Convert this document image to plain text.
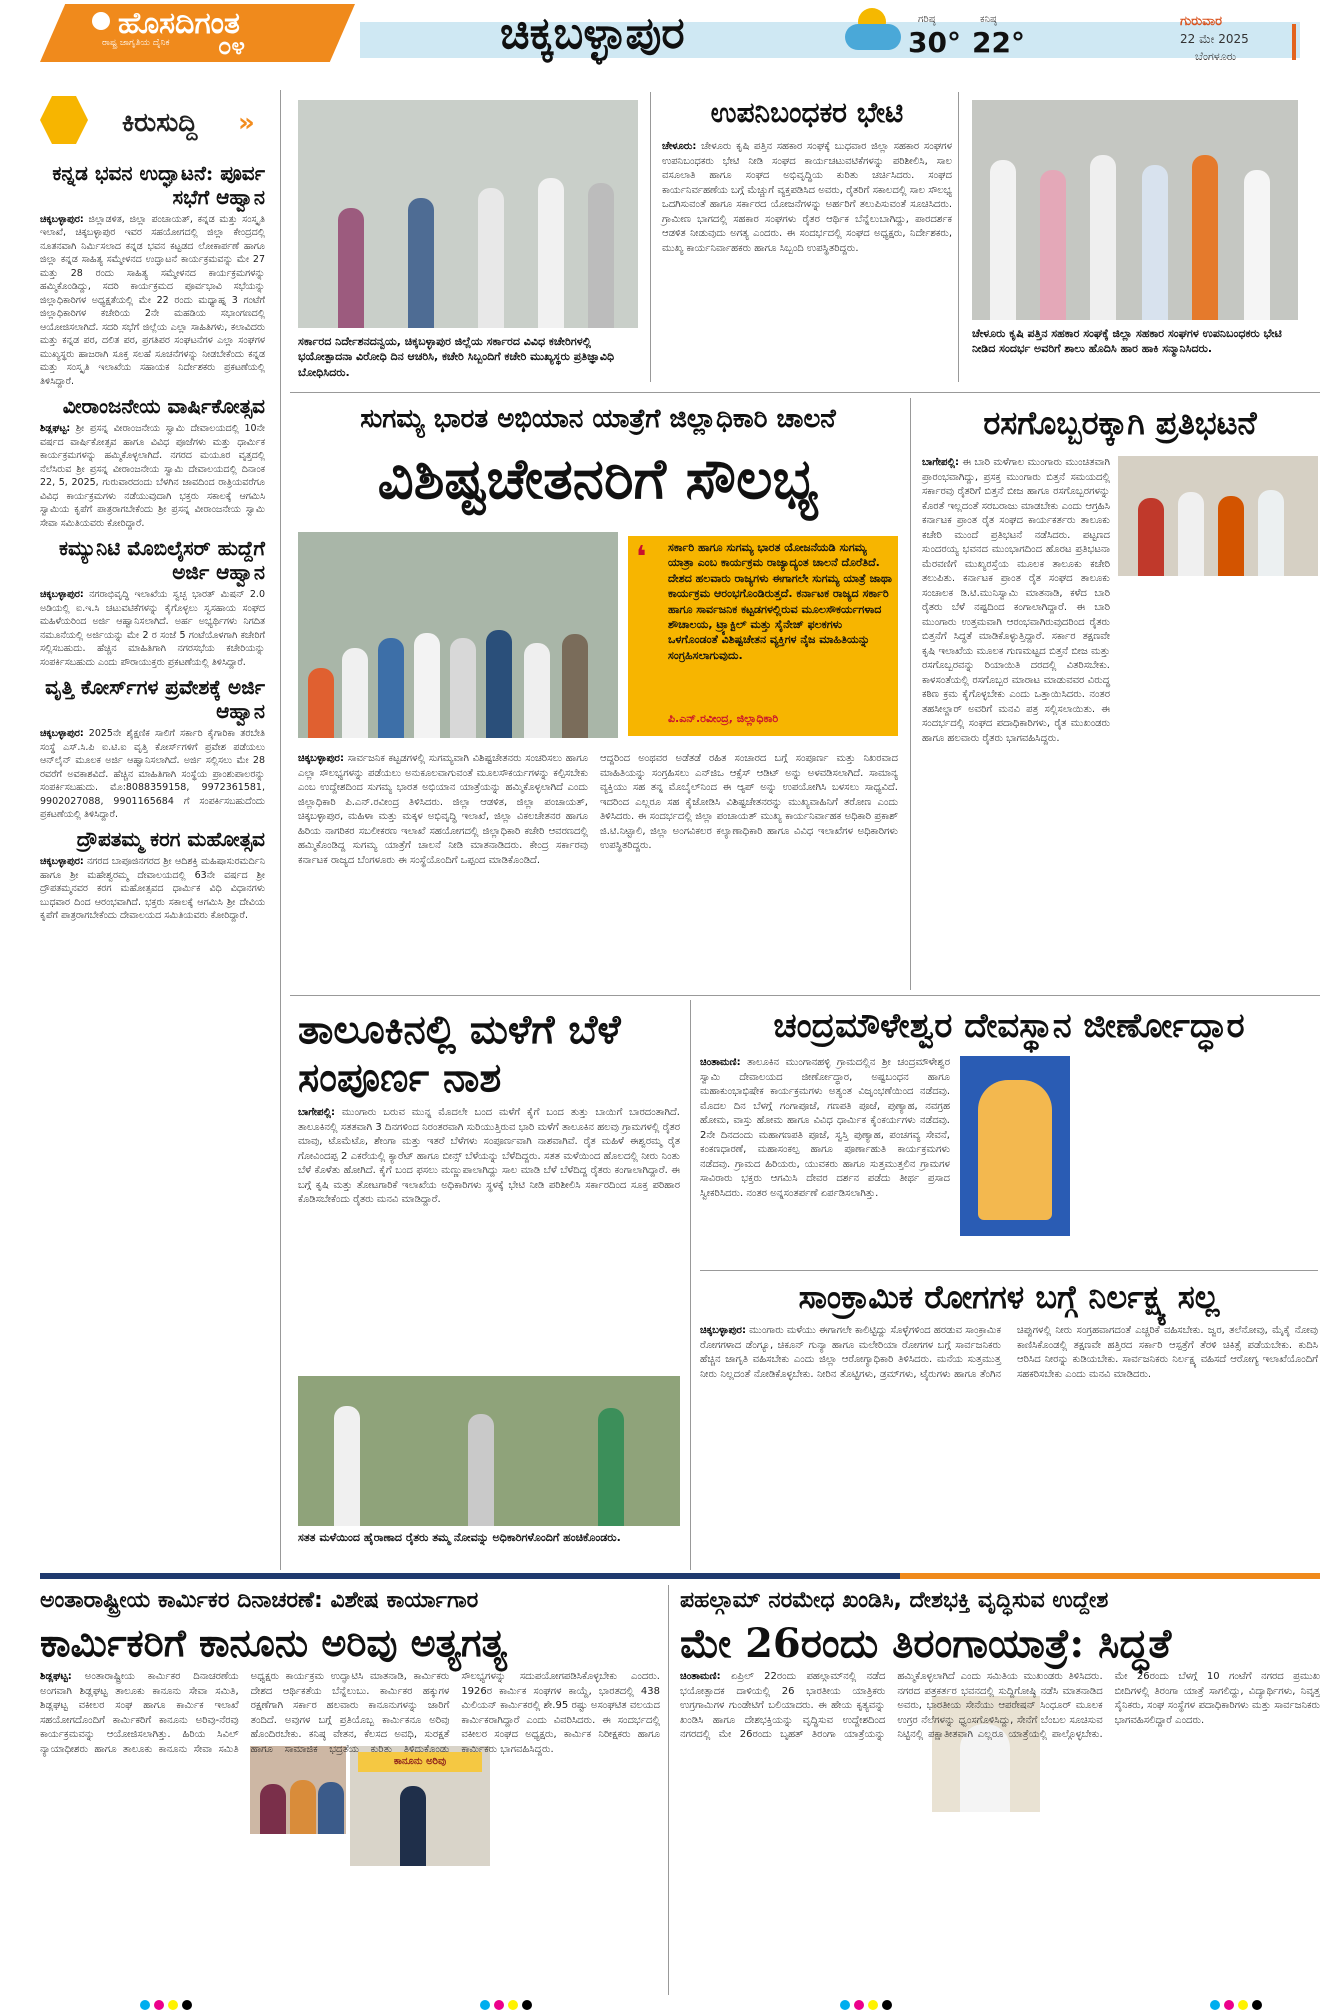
ಹೊಸದಿಗಂತ
ರಾಷ್ಟ್ರ ಜಾಗೃತಿಯ ದೈನಿಕ ೦೪	ಚಿಕ್ಕಬಳ್ಳಾಪುರ	ಗರಿಷ್ಠ
30°
ಕನಿಷ್ಠ
22°
ಗುರುವಾರ
22 ಮೇ 2025
ಬೆಂಗಳೂರು
ಕಿರುಸುದ್ದಿ »
ಕನ್ನಡ ಭವನ ಉದ್ಘಾಟನೆ: ಪೂರ್ವ ಸಭೆಗೆ ಆಹ್ವಾನ
ಚಿಕ್ಕಬಳ್ಳಾಪುರ: ಜಿಲ್ಲಾಡಳಿತ, ಜಿಲ್ಲಾ ಪಂಚಾಯತ್, ಕನ್ನಡ ಮತ್ತು ಸಂಸ್ಕೃತಿ ಇಲಾಖೆ, ಚಿಕ್ಕಬಳ್ಳಾಪುರ ಇವರ ಸಹಯೋಗದಲ್ಲಿ ಜಿಲ್ಲಾ ಕೇಂದ್ರದಲ್ಲಿ ನೂತನವಾಗಿ ನಿರ್ಮಿಸಲಾದ ಕನ್ನಡ ಭವನ ಕಟ್ಟಡದ ಲೋಕಾರ್ಪಣೆ ಹಾಗೂ ಜಿಲ್ಲಾ ಕನ್ನಡ ಸಾಹಿತ್ಯ ಸಮ್ಮೇಳನದ ಉದ್ಘಾಟನೆ ಕಾರ್ಯಕ್ರಮವನ್ನು ಮೇ 27 ಮತ್ತು 28 ರಂದು ಸಾಹಿತ್ಯ ಸಮ್ಮೇಳನದ ಕಾರ್ಯಕ್ರಮಗಳನ್ನು ಹಮ್ಮಿಕೊಂಡಿದ್ದು, ಸದರಿ ಕಾರ್ಯಕ್ರಮದ ಪೂರ್ವಭಾವಿ ಸಭೆಯನ್ನು ಜಿಲ್ಲಾಧಿಕಾರಿಗಳ ಅಧ್ಯಕ್ಷತೆಯಲ್ಲಿ ಮೇ 22 ರಂದು ಮಧ್ಯಾಹ್ನ 3 ಗಂಟೆಗೆ ಜಿಲ್ಲಾಧಿಕಾರಿಗಳ ಕಚೇರಿಯ 2ನೇ ಮಹಡಿಯ ಸಭಾಂಗಣದಲ್ಲಿ ಆಯೋಜಿಸಲಾಗಿದೆ. ಸದರಿ ಸಭೆಗೆ ಜಿಲ್ಲೆಯ ಎಲ್ಲಾ ಸಾಹಿತಿಗಳು, ಕಲಾವಿದರು ಮತ್ತು ಕನ್ನಡ ಪರ, ದಲಿತ ಪರ, ಪ್ರಗತಿಪರ ಸಂಘಟನೆಗಳ ಎಲ್ಲಾ ಸಂಘಗಳ ಮುಖ್ಯಸ್ಥರು ಹಾಜರಾಗಿ ಸೂಕ್ತ ಸಲಹೆ ಸೂಚನೆಗಳನ್ನು ನೀಡಬೇಕೆಂದು ಕನ್ನಡ ಮತ್ತು ಸಂಸ್ಕೃತಿ ಇಲಾಖೆಯ ಸಹಾಯಕ ನಿರ್ದೇಶಕರು ಪ್ರಕಟಣೆಯಲ್ಲಿ ತಿಳಿಸಿದ್ದಾರೆ.
ವೀರಾಂಜನೇಯ ವಾರ್ಷಿಕೋತ್ಸವ
ಶಿಡ್ಲಘಟ್ಟ: ಶ್ರೀ ಪ್ರಸನ್ನ ವೀರಾಂಜನೇಯ ಸ್ವಾಮಿ ದೇವಾಲಯದಲ್ಲಿ 10ನೇ ವರ್ಷದ ವಾರ್ಷಿಕೋತ್ಸವ ಹಾಗೂ ವಿವಿಧ ಪೂಜೆಗಳು ಮತ್ತು ಧಾರ್ಮಿಕ ಕಾರ್ಯಕ್ರಮಗಳನ್ನು ಹಮ್ಮಿಕೊಳ್ಳಲಾಗಿದೆ. ನಗರದ ಮಯೂರ ವೃತ್ತದಲ್ಲಿ ನೆಲೆಸಿರುವ ಶ್ರೀ ಪ್ರಸನ್ನ ವೀರಾಂಜನೇಯ ಸ್ವಾಮಿ ದೇವಾಲಯದಲ್ಲಿ ದಿನಾಂಕ 22, 5, 2025, ಗುರುವಾರದಂದು ಬೆಳಗಿನ ಜಾವದಿಂದ ರಾತ್ರಿಯವರೆಗೂ ವಿವಿಧ ಕಾರ್ಯಕ್ರಮಗಳು ನಡೆಯುವುದಾಗಿ ಭಕ್ತರು ಸಕಾಲಕ್ಕೆ ಆಗಮಿಸಿ ಸ್ವಾಮಿಯ ಕೃಪೆಗೆ ಪಾತ್ರರಾಗಬೇಕೆಂದು ಶ್ರೀ ಪ್ರಸನ್ನ ವೀರಾಂಜನೇಯ ಸ್ವಾಮಿ ಸೇವಾ ಸಮಿತಿಯವರು ಕೋರಿದ್ದಾರೆ.
ಕಮ್ಯುನಿಟಿ ಮೊಬಿಲೈಸರ್ ಹುದ್ದೆಗೆ ಅರ್ಜಿ ಆಹ್ವಾನ
ಚಿಕ್ಕಬಳ್ಳಾಪುರ: ನಗರಾಭಿವೃದ್ಧಿ ಇಲಾಖೆಯ ಸ್ವಚ್ಛ ಭಾರತ್ ಮಿಷನ್ 2.0 ಅಡಿಯಲ್ಲಿ ಐ.ಇ.ಸಿ ಚಟುವಟಿಕೆಗಳನ್ನು ಕೈಗೊಳ್ಳಲು ಸ್ವಸಹಾಯ ಸಂಘದ ಮಹಿಳೆಯರಿಂದ ಅರ್ಜಿ ಆಹ್ವಾನಿಸಲಾಗಿದೆ. ಅರ್ಹ ಅಭ್ಯರ್ಥಿಗಳು ನಿಗದಿತ ನಮೂನೆಯಲ್ಲಿ ಅರ್ಜಿಯನ್ನು ಮೇ 2 ರ ಸಂಜೆ 5 ಗಂಟೆಯೊಳಗಾಗಿ ಕಚೇರಿಗೆ ಸಲ್ಲಿಸಬಹುದು. ಹೆಚ್ಚಿನ ಮಾಹಿತಿಗಾಗಿ ನಗರಸಭೆಯ ಕಚೇರಿಯನ್ನು ಸಂಪರ್ಕಿಸಬಹುದು ಎಂದು ಪೌರಾಯುಕ್ತರು ಪ್ರಕಟಣೆಯಲ್ಲಿ ತಿಳಿಸಿದ್ದಾರೆ.
ವೃತ್ತಿ ಕೋರ್ಸ್‌ಗಳ ಪ್ರವೇಶಕ್ಕೆ ಅರ್ಜಿ ಆಹ್ವಾನ
ಚಿಕ್ಕಬಳ್ಳಾಪುರ: 2025ನೇ ಶೈಕ್ಷಣಿಕ ಸಾಲಿಗೆ ಸರ್ಕಾರಿ ಕೈಗಾರಿಕಾ ತರಬೇತಿ ಸಂಸ್ಥೆ ಎಸ್.ಸಿ.ಪಿ ಐ.ಟಿ.ಐ ವೃತ್ತಿ ಕೋರ್ಸ್‌ಗಳಿಗೆ ಪ್ರವೇಶ ಪಡೆಯಲು ಆನ್‌ಲೈನ್ ಮೂಲಕ ಅರ್ಜಿ ಆಹ್ವಾನಿಸಲಾಗಿದೆ. ಅರ್ಜಿ ಸಲ್ಲಿಸಲು ಮೇ 28 ರವರೆಗೆ ಅವಕಾಶವಿದೆ. ಹೆಚ್ಚಿನ ಮಾಹಿತಿಗಾಗಿ ಸಂಸ್ಥೆಯ ಪ್ರಾಂಶುಪಾಲರನ್ನು ಸಂಪರ್ಕಿಸಬಹುದು. ಮೊ:8088359158, 9972361581, 9902027088, 9901165684 ಗೆ ಸಂಪರ್ಕಿಸಬಹುದೆಂದು ಪ್ರಕಟಣೆಯಲ್ಲಿ ತಿಳಿಸಿದ್ದಾರೆ.
ದ್ರೌಪತಮ್ಮ ಕರಗ ಮಹೋತ್ಸವ
ಚಿಕ್ಕಬಳ್ಳಾಪುರ: ನಗರದ ಬಾಪೂಜಿನಗರದ ಶ್ರೀ ಆದಿಶಕ್ತಿ ಮಹಿಷಾಸುರಮರ್ದಿನಿ ಹಾಗೂ ಶ್ರೀ ಮಹೇಶ್ವರಮ್ಮ ದೇವಾಲಯದಲ್ಲಿ 63ನೇ ವರ್ಷದ ಶ್ರೀ ದ್ರೌಪತಮ್ಮನವರ ಕರಗ ಮಹೋತ್ಸವದ ಧಾರ್ಮಿಕ ವಿಧಿ ವಿಧಾನಗಳು ಬುಧವಾರ ದಿಂದ ಆರಂಭವಾಗಿದೆ. ಭಕ್ತರು ಸಕಾಲಕ್ಕೆ ಆಗಮಿಸಿ ಶ್ರೀ ದೇವಿಯ ಕೃಪೆಗೆ ಪಾತ್ರರಾಗಬೇಕೆಂದು ದೇವಾಲಯದ ಸಮಿತಿಯವರು ಕೋರಿದ್ದಾರೆ.
ಸರ್ಕಾರದ ನಿರ್ದೇಶನದನ್ವಯ, ಚಿಕ್ಕಬಳ್ಳಾಪುರ ಜಿಲ್ಲೆಯ ಸರ್ಕಾರದ ವಿವಿಧ ಕಚೇರಿಗಳಲ್ಲಿ ಭಯೋತ್ಪಾದನಾ ವಿರೋಧಿ ದಿನ ಆಚರಿಸಿ, ಕಚೇರಿ ಸಿಬ್ಬಂದಿಗೆ ಕಚೇರಿ ಮುಖ್ಯಸ್ಥರು ಪ್ರತಿಜ್ಞಾವಿಧಿ ಬೋಧಿಸಿದರು.
ಉಪನಿಬಂಧಕರ ಭೇಟಿ
ಚೇಳೂರು: ಚೇಳೂರು ಕೃಷಿ ಪತ್ತಿನ ಸಹಕಾರ ಸಂಘಕ್ಕೆ ಬುಧವಾರ ಜಿಲ್ಲಾ ಸಹಕಾರ ಸಂಘಗಳ ಉಪನಿಬಂಧಕರು ಭೇಟಿ ನೀಡಿ ಸಂಘದ ಕಾರ್ಯಚಟುವಟಿಕೆಗಳನ್ನು ಪರಿಶೀಲಿಸಿ, ಸಾಲ ವಸೂಲಾತಿ ಹಾಗೂ ಸಂಘದ ಅಭಿವೃದ್ಧಿಯ ಕುರಿತು ಚರ್ಚಿಸಿದರು. ಸಂಘದ ಕಾರ್ಯನಿರ್ವಹಣೆಯ ಬಗ್ಗೆ ಮೆಚ್ಚುಗೆ ವ್ಯಕ್ತಪಡಿಸಿದ ಅವರು, ರೈತರಿಗೆ ಸಕಾಲದಲ್ಲಿ ಸಾಲ ಸೌಲಭ್ಯ ಒದಗಿಸುವಂತೆ ಹಾಗೂ ಸರ್ಕಾರದ ಯೋಜನೆಗಳನ್ನು ಅರ್ಹರಿಗೆ ತಲುಪಿಸುವಂತೆ ಸೂಚಿಸಿದರು. ಗ್ರಾಮೀಣ ಭಾಗದಲ್ಲಿ ಸಹಕಾರ ಸಂಘಗಳು ರೈತರ ಆರ್ಥಿಕ ಬೆನ್ನೆಲುಬಾಗಿದ್ದು, ಪಾರದರ್ಶಕ ಆಡಳಿತ ನೀಡುವುದು ಅಗತ್ಯ ಎಂದರು. ಈ ಸಂದರ್ಭದಲ್ಲಿ ಸಂಘದ ಅಧ್ಯಕ್ಷರು, ನಿರ್ದೇಶಕರು, ಮುಖ್ಯ ಕಾರ್ಯನಿರ್ವಾಹಕರು ಹಾಗೂ ಸಿಬ್ಬಂದಿ ಉಪಸ್ಥಿತರಿದ್ದರು.
ಚೇಳೂರು ಕೃಷಿ ಪತ್ತಿನ ಸಹಕಾರ ಸಂಘಕ್ಕೆ ಜಿಲ್ಲಾ ಸಹಕಾರ ಸಂಘಗಳ ಉಪನಿಬಂಧಕರು ಭೇಟಿ ನೀಡಿದ ಸಂದರ್ಭ ಅವರಿಗೆ ಶಾಲು ಹೊದಿಸಿ ಹಾರ ಹಾಕಿ ಸನ್ಮಾನಿಸಿದರು.
ಸುಗಮ್ಯ ಭಾರತ ಅಭಿಯಾನ ಯಾತ್ರೆಗೆ ಜಿಲ್ಲಾಧಿಕಾರಿ ಚಾಲನೆ
ವಿಶಿಷ್ಟಚೇತನರಿಗೆ ಸೌಲಭ್ಯ
❛ ಸರ್ಕಾರಿ ಹಾಗೂ ಸುಗಮ್ಯ ಭಾರತ ಯೋಜನೆಯಡಿ ಸುಗಮ್ಯ ಯಾತ್ರಾ ಎಂಬ ಕಾರ್ಯಕ್ರಮ ರಾಜ್ಯಾದ್ಯಂತ ಚಾಲನೆ ದೊರೆತಿದೆ. ದೇಶದ ಹಲವಾರು ರಾಜ್ಯಗಳು ಈಗಾಗಲೇ ಸುಗಮ್ಯ ಯಾತ್ರೆ ಜಾಥಾ ಕಾರ್ಯಕ್ರಮ ಆರಂಭಗೊಂಡಿರುತ್ತದೆ. ಕರ್ನಾಟಕ ರಾಜ್ಯದ ಸರ್ಕಾರಿ ಹಾಗೂ ಸಾರ್ವಜನಿಕ ಕಟ್ಟಡಗಳಲ್ಲಿರುವ ಮೂಲಸೌಕರ್ಯಗಳಾದ ಶೌಚಾಲಯ, ಟ್ರ್ಯಾಕ್ಟಿಲ್ ಮತ್ತು ಸೈನೇಜ್ ಫಲಕಗಳು ಒಳಗೊಂಡಂತೆ ವಿಶಿಷ್ಟಚೇತನ ವ್ಯಕ್ತಿಗಳ ನೈಜ ಮಾಹಿತಿಯನ್ನು ಸಂಗ್ರಹಿಸಲಾಗುವುದು.
ಪಿ.ಎನ್.ರವೀಂದ್ರ, ಜಿಲ್ಲಾಧಿಕಾರಿ
ಚಿಕ್ಕಬಳ್ಳಾಪುರ: ಸಾರ್ವಜನಿಕ ಕಟ್ಟಡಗಳಲ್ಲಿ ಸುಗಮ್ಯವಾಗಿ ವಿಶಿಷ್ಟಚೇತನರು ಸಂಚರಿಸಲು ಹಾಗೂ ಎಲ್ಲಾ ಸೌಲಭ್ಯಗಳನ್ನು ಪಡೆಯಲು ಅನುಕೂಲವಾಗುವಂತೆ ಮೂಲಸೌಕರ್ಯಗಳನ್ನು ಕಲ್ಪಿಸಬೇಕು ಎಂಬ ಉದ್ದೇಶದಿಂದ ಸುಗಮ್ಯ ಭಾರತ ಅಭಿಯಾನ ಯಾತ್ರೆಯನ್ನು ಹಮ್ಮಿಕೊಳ್ಳಲಾಗಿದೆ ಎಂದು ಜಿಲ್ಲಾಧಿಕಾರಿ ಪಿ.ಎನ್.ರವೀಂದ್ರ ತಿಳಿಸಿದರು. ಜಿಲ್ಲಾ ಆಡಳಿತ, ಜಿಲ್ಲಾ ಪಂಚಾಯತ್, ಚಿಕ್ಕಬಳ್ಳಾಪುರ, ಮಹಿಳಾ ಮತ್ತು ಮಕ್ಕಳ ಅಭಿವೃದ್ಧಿ ಇಲಾಖೆ, ಜಿಲ್ಲಾ ವಿಕಲಚೇತನರ ಹಾಗೂ ಹಿರಿಯ ನಾಗರಿಕರ ಸಬಲೀಕರಣ ಇಲಾಖೆ ಸಹಯೋಗದಲ್ಲಿ ಜಿಲ್ಲಾಧಿಕಾರಿ ಕಚೇರಿ ಆವರಣದಲ್ಲಿ ಹಮ್ಮಿಕೊಂಡಿದ್ದ ಸುಗಮ್ಯ ಯಾತ್ರೆಗೆ ಚಾಲನೆ ನೀಡಿ ಮಾತನಾಡಿದರು. ಕೇಂದ್ರ ಸರ್ಕಾರವು ಕರ್ನಾಟಕ ರಾಜ್ಯದ ಬೆಂಗಳೂರು ಈ ಸಂಸ್ಥೆಯೊಂದಿಗೆ ಒಪ್ಪಂದ ಮಾಡಿಕೊಂಡಿದೆ.
ಆದ್ದರಿಂದ ಅಂಥವರ ಅಡೆತಡೆ ರಹಿತ ಸಂಚಾರದ ಬಗ್ಗೆ ಸಂಪೂರ್ಣ ಮತ್ತು ನಿಖರವಾದ ಮಾಹಿತಿಯನ್ನು ಸಂಗ್ರಹಿಸಲು ಎನ್‌ಜಿಒ ಆಕ್ಸೆಸ್ ಆಡಿಟ್ ಅನ್ನು ಅಳವಡಿಸಲಾಗಿದೆ. ಸಾಮಾನ್ಯ ವ್ಯಕ್ತಿಯು ಸಹ ತನ್ನ ಮೊಬೈಲ್‌ನಿಂದ ಈ ಆ್ಯಪ್ ಅನ್ನು ಉಪಯೋಗಿಸಿ ಬಳಸಲು ಸಾಧ್ಯವಿದೆ. ಇದರಿಂದ ಎಲ್ಲರೂ ಸಹ ಕೈಜೋಡಿಸಿ ವಿಶಿಷ್ಟಚೇತನರನ್ನು ಮುಖ್ಯವಾಹಿನಿಗೆ ತರೋಣ ಎಂದು ತಿಳಿಸಿದರು. ಈ ಸಂದರ್ಭದಲ್ಲಿ ಜಿಲ್ಲಾ ಪಂಚಾಯತ್ ಮುಖ್ಯ ಕಾರ್ಯನಿರ್ವಾಹಕ ಅಧಿಕಾರಿ ಪ್ರಕಾಶ್ ಜಿ.ಟಿ.ನಿಟ್ಟಾಲಿ, ಜಿಲ್ಲಾ ಅಂಗವಿಕಲರ ಕಲ್ಯಾಣಾಧಿಕಾರಿ ಹಾಗೂ ವಿವಿಧ ಇಲಾಖೆಗಳ ಅಧಿಕಾರಿಗಳು ಉಪಸ್ಥಿತರಿದ್ದರು.
ರಸಗೊಬ್ಬರಕ್ಕಾಗಿ ಪ್ರತಿಭಟನೆ
ಬಾಗೇಪಲ್ಲಿ: ಈ ಬಾರಿ ಮಳೆಗಾಲ ಮುಂಗಾರು ಮುಂಚಿತವಾಗಿ ಪ್ರಾರಂಭವಾಗಿದ್ದು, ಪ್ರಸಕ್ತ ಮುಂಗಾರು ಬಿತ್ತನೆ ಸಮಯದಲ್ಲಿ ಸರ್ಕಾರವು ರೈತರಿಗೆ ಬಿತ್ತನೆ ಬೀಜ ಹಾಗೂ ರಸಗೊಬ್ಬರಗಳನ್ನು ಕೊರತೆ ಇಲ್ಲದಂತೆ ಸರಬರಾಜು ಮಾಡಬೇಕು ಎಂದು ಆಗ್ರಹಿಸಿ ಕರ್ನಾಟಕ ಪ್ರಾಂತ ರೈತ ಸಂಘದ ಕಾರ್ಯಕರ್ತರು ತಾಲೂಕು ಕಚೇರಿ ಮುಂದೆ ಪ್ರತಿಭಟನೆ ನಡೆಸಿದರು. ಪಟ್ಟಣದ ಸುಂದರಯ್ಯ ಭವನದ ಮುಂಭಾಗದಿಂದ ಹೊರಟ ಪ್ರತಿಭಟನಾ ಮೆರವಣಿಗೆ ಮುಖ್ಯರಸ್ತೆಯ ಮೂಲಕ ತಾಲೂಕು ಕಚೇರಿ ತಲುಪಿತು. ಕರ್ನಾಟಕ ಪ್ರಾಂತ ರೈತ ಸಂಘದ ತಾಲೂಕು ಸಂಚಾಲಕ ಡಿ.ಟಿ.ಮುನಿಸ್ವಾಮಿ ಮಾತನಾಡಿ, ಕಳೆದ ಬಾರಿ ರೈತರು ಬೆಳೆ ನಷ್ಟದಿಂದ ಕಂಗಾಲಾಗಿದ್ದಾರೆ. ಈ ಬಾರಿ ಮುಂಗಾರು ಉತ್ತಮವಾಗಿ ಆರಂಭವಾಗಿರುವುದರಿಂದ ರೈತರು ಬಿತ್ತನೆಗೆ ಸಿದ್ಧತೆ ಮಾಡಿಕೊಳ್ಳುತ್ತಿದ್ದಾರೆ. ಸರ್ಕಾರ ತಕ್ಷಣವೇ ಕೃಷಿ ಇಲಾಖೆಯ ಮೂಲಕ ಗುಣಮಟ್ಟದ ಬಿತ್ತನೆ ಬೀಜ ಮತ್ತು ರಸಗೊಬ್ಬರವನ್ನು ರಿಯಾಯಿತಿ ದರದಲ್ಲಿ ವಿತರಿಸಬೇಕು. ಕಾಳಸಂತೆಯಲ್ಲಿ ರಸಗೊಬ್ಬರ ಮಾರಾಟ ಮಾಡುವವರ ವಿರುದ್ಧ ಕಠಿಣ ಕ್ರಮ ಕೈಗೊಳ್ಳಬೇಕು ಎಂದು ಒತ್ತಾಯಿಸಿದರು. ನಂತರ ತಹಸೀಲ್ದಾರ್ ಅವರಿಗೆ ಮನವಿ ಪತ್ರ ಸಲ್ಲಿಸಲಾಯಿತು. ಈ ಸಂದರ್ಭದಲ್ಲಿ ಸಂಘದ ಪದಾಧಿಕಾರಿಗಳು, ರೈತ ಮುಖಂಡರು ಹಾಗೂ ಹಲವಾರು ರೈತರು ಭಾಗವಹಿಸಿದ್ದರು.
ತಾಲೂಕಿನಲ್ಲಿ ಮಳೆಗೆ ಬೆಳೆ ಸಂಪೂರ್ಣ ನಾಶ
ಬಾಗೇಪಲ್ಲಿ: ಮುಂಗಾರು ಬರುವ ಮುನ್ನ ಮೊದಲೇ ಬಂದ ಮಳೆಗೆ ಕೈಗೆ ಬಂದ ತುತ್ತು ಬಾಯಿಗೆ ಬಾರದಂತಾಗಿದೆ. ತಾಲೂಕಿನಲ್ಲಿ ಸತತವಾಗಿ 3 ದಿನಗಳಿಂದ ನಿರಂತರವಾಗಿ ಸುರಿಯುತ್ತಿರುವ ಭಾರಿ ಮಳೆಗೆ ತಾಲೂಕಿನ ಹಲವು ಗ್ರಾಮಗಳಲ್ಲಿ ರೈತರ ಮಾವು, ಟೊಮೆಟೊ, ಶೇಂಗಾ ಮತ್ತು ಇತರೆ ಬೆಳೆಗಳು ಸಂಪೂರ್ಣವಾಗಿ ನಾಶವಾಗಿವೆ. ರೈತ ಮಹಿಳೆ ಈಶ್ವರಮ್ಮ ರೈತ ಗೋವಿಂದಪ್ಪ 2 ಎಕರೆಯಲ್ಲಿ ಕ್ಯಾರೆಟ್ ಹಾಗೂ ಬೀನ್ಸ್ ಬೆಳೆಯನ್ನು ಬೆಳೆದಿದ್ದರು. ಸತತ ಮಳೆಯಿಂದ ಹೊಲದಲ್ಲಿ ನೀರು ನಿಂತು ಬೆಳೆ ಕೊಳೆತು ಹೋಗಿದೆ. ಕೈಗೆ ಬಂದ ಫಸಲು ಮಣ್ಣುಪಾಲಾಗಿದ್ದು ಸಾಲ ಮಾಡಿ ಬೆಳೆ ಬೆಳೆದಿದ್ದ ರೈತರು ಕಂಗಾಲಾಗಿದ್ದಾರೆ. ಈ ಬಗ್ಗೆ ಕೃಷಿ ಮತ್ತು ತೋಟಗಾರಿಕೆ ಇಲಾಖೆಯ ಅಧಿಕಾರಿಗಳು ಸ್ಥಳಕ್ಕೆ ಭೇಟಿ ನೀಡಿ ಪರಿಶೀಲಿಸಿ ಸರ್ಕಾರದಿಂದ ಸೂಕ್ತ ಪರಿಹಾರ ಕೊಡಿಸಬೇಕೆಂದು ರೈತರು ಮನವಿ ಮಾಡಿದ್ದಾರೆ.
ಸತತ ಮಳೆಯಿಂದ ಹೈರಾಣಾದ ರೈತರು ತಮ್ಮ ನೋವನ್ನು ಅಧಿಕಾರಿಗಳೊಂದಿಗೆ ಹಂಚಿಕೊಂಡರು.
ಚಂದ್ರಮೌಳೇಶ್ವರ ದೇವಸ್ಥಾನ ಜೀರ್ಣೋದ್ಧಾರ
ಚಿಂತಾಮಣಿ: ತಾಲೂಕಿನ ಮುಂಗಾನಹಳ್ಳಿ ಗ್ರಾಮದಲ್ಲಿನ ಶ್ರೀ ಚಂದ್ರಮೌಳೇಶ್ವರ ಸ್ವಾಮಿ ದೇವಾಲಯದ ಜೀರ್ಣೋದ್ಧಾರ, ಅಷ್ಟಬಂಧನ ಹಾಗೂ ಮಹಾಕುಂಭಾಭಿಷೇಕ ಕಾರ್ಯಕ್ರಮಗಳು ಅತ್ಯಂತ ವಿಜೃಂಭಣೆಯಿಂದ ನಡೆದವು. ಮೊದಲ ದಿನ ಬೆಳಗ್ಗೆ ಗಂಗಾಪೂಜೆ, ಗಣಪತಿ ಪೂಜೆ, ಪುಣ್ಯಾಹ, ನವಗ್ರಹ ಹೋಮ, ವಾಸ್ತು ಹೋಮ ಹಾಗೂ ವಿವಿಧ ಧಾರ್ಮಿಕ ಕೈಂಕರ್ಯಗಳು ನಡೆದವು. 2ನೇ ದಿನದಂದು ಮಹಾಗಣಪತಿ ಪೂಜೆ, ಸ್ವಸ್ತಿ ಪುಣ್ಯಾಹ, ಪಂಚಗವ್ಯ ಸೇವನೆ, ಕಂಕಣಧಾರಣೆ, ಮಹಾಸಂಕಲ್ಪ ಹಾಗೂ ಪೂರ್ಣಾಹುತಿ ಕಾರ್ಯಕ್ರಮಗಳು ನಡೆದವು. ಗ್ರಾಮದ ಹಿರಿಯರು, ಯುವಕರು ಹಾಗೂ ಸುತ್ತಮುತ್ತಲಿನ ಗ್ರಾಮಗಳ ಸಾವಿರಾರು ಭಕ್ತರು ಆಗಮಿಸಿ ದೇವರ ದರ್ಶನ ಪಡೆದು ತೀರ್ಥ ಪ್ರಸಾದ ಸ್ವೀಕರಿಸಿದರು. ನಂತರ ಅನ್ನಸಂತರ್ಪಣೆ ಏರ್ಪಡಿಸಲಾಗಿತ್ತು.
ಸಾಂಕ್ರಾಮಿಕ ರೋಗಗಳ ಬಗ್ಗೆ ನಿರ್ಲಕ್ಷ್ಯ ಸಲ್ಲ
ಚಿಕ್ಕಬಳ್ಳಾಪುರ: ಮುಂಗಾರು ಮಳೆಯು ಈಗಾಗಲೇ ಕಾಲಿಟ್ಟಿದ್ದು ಸೊಳ್ಳೆಗಳಿಂದ ಹರಡುವ ಸಾಂಕ್ರಾಮಿಕ ರೋಗಗಳಾದ ಡೆಂಗ್ಯೂ, ಚಿಕೂನ್ ಗುನ್ಯಾ ಹಾಗೂ ಮಲೇರಿಯಾ ರೋಗಗಳ ಬಗ್ಗೆ ಸಾರ್ವಜನಿಕರು ಹೆಚ್ಚಿನ ಜಾಗೃತಿ ವಹಿಸಬೇಕು ಎಂದು ಜಿಲ್ಲಾ ಆರೋಗ್ಯಾಧಿಕಾರಿ ತಿಳಿಸಿದರು. ಮನೆಯ ಸುತ್ತಮುತ್ತ ನೀರು ನಿಲ್ಲದಂತೆ ನೋಡಿಕೊಳ್ಳಬೇಕು. ನೀರಿನ ತೊಟ್ಟಿಗಳು, ಡ್ರಮ್‌ಗಳು, ಟೈರುಗಳು ಹಾಗೂ ತೆಂಗಿನ ಚಿಪ್ಪುಗಳಲ್ಲಿ ನೀರು ಸಂಗ್ರಹವಾಗದಂತೆ ಎಚ್ಚರಿಕೆ ವಹಿಸಬೇಕು. ಜ್ವರ, ತಲೆನೋವು, ಮೈಕೈ ನೋವು ಕಾಣಿಸಿಕೊಂಡಲ್ಲಿ ತಕ್ಷಣವೇ ಹತ್ತಿರದ ಸರ್ಕಾರಿ ಆಸ್ಪತ್ರೆಗೆ ತೆರಳಿ ಚಿಕಿತ್ಸೆ ಪಡೆಯಬೇಕು. ಕುದಿಸಿ ಆರಿಸಿದ ನೀರನ್ನು ಕುಡಿಯಬೇಕು. ಸಾರ್ವಜನಿಕರು ನಿರ್ಲಕ್ಷ್ಯ ವಹಿಸದೆ ಆರೋಗ್ಯ ಇಲಾಖೆಯೊಂದಿಗೆ ಸಹಕರಿಸಬೇಕು ಎಂದು ಮನವಿ ಮಾಡಿದರು.
ಅಂತಾರಾಷ್ಟ್ರೀಯ ಕಾರ್ಮಿಕರ ದಿನಾಚರಣೆ: ವಿಶೇಷ ಕಾರ್ಯಾಗಾರ
ಕಾರ್ಮಿಕರಿಗೆ ಕಾನೂನು ಅರಿವು ಅತ್ಯಗತ್ಯ
ಕಾನೂನು ಅರಿವು
ಶಿಡ್ಲಘಟ್ಟ: ಅಂತಾರಾಷ್ಟ್ರೀಯ ಕಾರ್ಮಿಕರ ದಿನಾಚರಣೆಯ ಅಂಗವಾಗಿ ಶಿಡ್ಲಘಟ್ಟ ತಾಲೂಕು ಕಾನೂನು ಸೇವಾ ಸಮಿತಿ, ಶಿಡ್ಲಘಟ್ಟ ವಕೀಲರ ಸಂಘ ಹಾಗೂ ಕಾರ್ಮಿಕ ಇಲಾಖೆ ಸಹಯೋಗದೊಂದಿಗೆ ಕಾರ್ಮಿಕರಿಗೆ ಕಾನೂನು ಅರಿವು-ನೆರವು ಕಾರ್ಯಕ್ರಮವನ್ನು ಆಯೋಜಿಸಲಾಗಿತ್ತು. ಹಿರಿಯ ಸಿವಿಲ್ ನ್ಯಾಯಾಧೀಶರು ಹಾಗೂ ತಾಲೂಕು ಕಾನೂನು ಸೇವಾ ಸಮಿತಿ ಅಧ್ಯಕ್ಷರು ಕಾರ್ಯಕ್ರಮ ಉದ್ಘಾಟಿಸಿ ಮಾತನಾಡಿ, ಕಾರ್ಮಿಕರು ದೇಶದ ಆರ್ಥಿಕತೆಯ ಬೆನ್ನೆಲುಬು. ಕಾರ್ಮಿಕರ ಹಕ್ಕುಗಳ ರಕ್ಷಣೆಗಾಗಿ ಸರ್ಕಾರ ಹಲವಾರು ಕಾನೂನುಗಳನ್ನು ಜಾರಿಗೆ ತಂದಿದೆ. ಅವುಗಳ ಬಗ್ಗೆ ಪ್ರತಿಯೊಬ್ಬ ಕಾರ್ಮಿಕನೂ ಅರಿವು ಹೊಂದಿರಬೇಕು. ಕನಿಷ್ಠ ವೇತನ, ಕೆಲಸದ ಅವಧಿ, ಸುರಕ್ಷತೆ ಹಾಗೂ ಸಾಮಾಜಿಕ ಭದ್ರತೆಯ ಕುರಿತು ತಿಳಿದುಕೊಂಡು ಸೌಲಭ್ಯಗಳನ್ನು ಸದುಪಯೋಗಪಡಿಸಿಕೊಳ್ಳಬೇಕು ಎಂದರು. 1926ರ ಕಾರ್ಮಿಕ ಸಂಘಗಳ ಕಾಯ್ದೆ, ಭಾರತದಲ್ಲಿ 438 ಮಿಲಿಯನ್ ಕಾರ್ಮಿಕರಲ್ಲಿ ಶೇ.95 ರಷ್ಟು ಅಸಂಘಟಿತ ವಲಯದ ಕಾರ್ಮಿಕರಾಗಿದ್ದಾರೆ ಎಂದು ವಿವರಿಸಿದರು. ಈ ಸಂದರ್ಭದಲ್ಲಿ ವಕೀಲರ ಸಂಘದ ಅಧ್ಯಕ್ಷರು, ಕಾರ್ಮಿಕ ನಿರೀಕ್ಷಕರು ಹಾಗೂ ಕಾರ್ಮಿಕರು ಭಾಗವಹಿಸಿದ್ದರು.
ಪಹಲ್ಗಾಮ್ ನರಮೇಧ ಖಂಡಿಸಿ, ದೇಶಭಕ್ತಿ ವೃದ್ಧಿಸುವ ಉದ್ದೇಶ
ಮೇ 26ರಂದು ತಿರಂಗಾಯಾತ್ರೆ: ಸಿದ್ಧತೆ
ಚಿಂತಾಮಣಿ: ಏಪ್ರಿಲ್ 22ರಂದು ಪಹಲ್ಗಾಮ್‌ನಲ್ಲಿ ನಡೆದ ಭಯೋತ್ಪಾದಕ ದಾಳಿಯಲ್ಲಿ 26 ಭಾರತೀಯ ಯಾತ್ರಿಕರು ಉಗ್ರಗಾಮಿಗಳ ಗುಂಡೇಟಿಗೆ ಬಲಿಯಾದರು. ಈ ಹೇಯ ಕೃತ್ಯವನ್ನು ಖಂಡಿಸಿ ಹಾಗೂ ದೇಶಭಕ್ತಿಯನ್ನು ವೃದ್ಧಿಸುವ ಉದ್ದೇಶದಿಂದ ನಗರದಲ್ಲಿ ಮೇ 26ರಂದು ಬೃಹತ್ ತಿರಂಗಾ ಯಾತ್ರೆಯನ್ನು ಹಮ್ಮಿಕೊಳ್ಳಲಾಗಿದೆ ಎಂದು ಸಮಿತಿಯ ಮುಖಂಡರು ತಿಳಿಸಿದರು. ನಗರದ ಪತ್ರಕರ್ತರ ಭವನದಲ್ಲಿ ಸುದ್ದಿಗೋಷ್ಠಿ ನಡೆಸಿ ಮಾತನಾಡಿದ ಅವರು, ಭಾರತೀಯ ಸೇನೆಯು ಆಪರೇಷನ್ ಸಿಂಧೂರ್ ಮೂಲಕ ಉಗ್ರರ ನೆಲೆಗಳನ್ನು ಧ್ವಂಸಗೊಳಿಸಿದ್ದು, ಸೇನೆಗೆ ಬೆಂಬಲ ಸೂಚಿಸುವ ನಿಟ್ಟಿನಲ್ಲಿ ಪಕ್ಷಾತೀತವಾಗಿ ಎಲ್ಲರೂ ಯಾತ್ರೆಯಲ್ಲಿ ಪಾಲ್ಗೊಳ್ಳಬೇಕು. ಮೇ 26ರಂದು ಬೆಳಗ್ಗೆ 10 ಗಂಟೆಗೆ ನಗರದ ಪ್ರಮುಖ ಬೀದಿಗಳಲ್ಲಿ ತಿರಂಗಾ ಯಾತ್ರೆ ಸಾಗಲಿದ್ದು, ವಿದ್ಯಾರ್ಥಿಗಳು, ನಿವೃತ್ತ ಸೈನಿಕರು, ಸಂಘ ಸಂಸ್ಥೆಗಳ ಪದಾಧಿಕಾರಿಗಳು ಮತ್ತು ಸಾರ್ವಜನಿಕರು ಭಾಗವಹಿಸಲಿದ್ದಾರೆ ಎಂದರು.
